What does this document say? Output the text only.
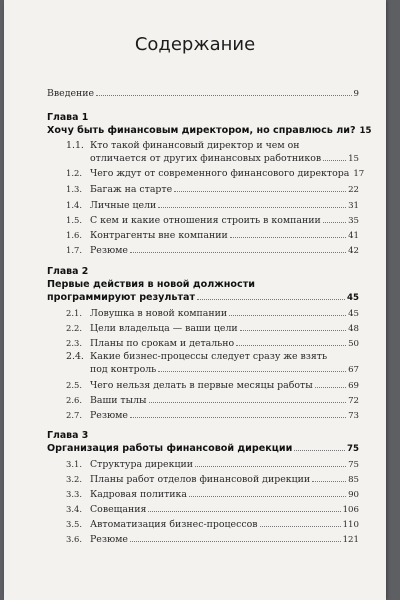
Содержание
Введение	9
Глава 1
Хочу быть финансовым директором, но справлюсь ли? 15
1.1. Кто такой финансовый директор и чем он
отличается от других финансовых работников	15
1.2. Чего ждут от современного финансового директора 17
1.3. Багаж на старте	22
1.4. Личные цели	31
1.5. С кем и какие отношения строить в компании	35
1.6. Контрагенты вне компании	41
1.7. Резюме	42
Глава 2
Первые действия в новой должности
программируют результат	45
2.1. Ловушка в новой компании	45
2.2. Цели владельца — ваши цели	48
2.3. Планы по срокам и детально	50
2.4. Какие бизнес-процессы следует сразу же взять
под контроль	67
2.5. Чего нельзя делать в первые месяцы работы	69
2.6. Ваши тылы	72
2.7. Резюме	73
Глава 3
Организация работы финансовой дирекции	75
3.1. Структура дирекции	75
3.2. Планы работ отделов финансовой дирекции	85
3.3. Кадровая политика	90
3.4. Совещания	106
3.5. Автоматизация бизнес-процессов	110
3.6. Резюме	121
